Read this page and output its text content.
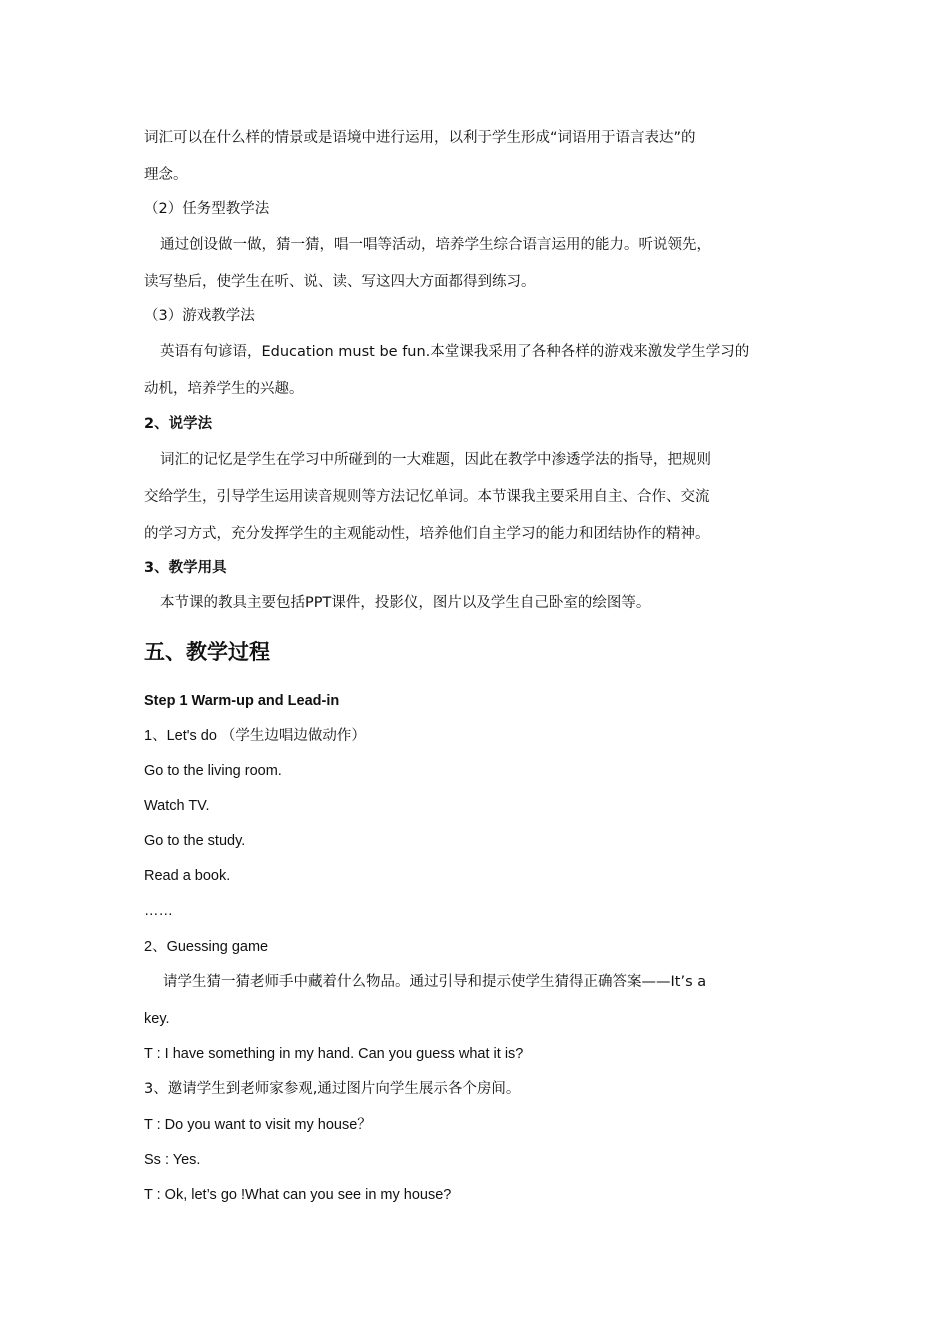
词汇可以在什么样的情景或是语境中进行运用，以利于学生形成“词语用于语言表达”的

理念。

（2）任务型教学法

通过创设做一做，猜一猜，唱一唱等活动，培养学生综合语言运用的能力。听说领先，

读写垫后，使学生在听、说、读、写这四大方面都得到练习。

（3）游戏教学法

英语有句谚语，Education must be fun.本堂课我采用了各种各样的游戏来激发学生学习的

动机，培养学生的兴趣。

2、说学法

词汇的记忆是学生在学习中所碰到的一大难题，因此在教学中渗透学法的指导，把规则

交给学生，引导学生运用读音规则等方法记忆单词。本节课我主要采用自主、合作、交流

的学习方式，充分发挥学生的主观能动性，培养他们自主学习的能力和团结协作的精神。

3、教学用具

本节课的教具主要包括PPT课件，投影仪，图片以及学生自己卧室的绘图等。

五、教学过程

Step 1 Warm-up and Lead-in

1、Let's do （学生边唱边做动作）

Go to the living room.

Watch TV.

Go to the study.

Read a book.

……

2、Guessing game

请学生猜一猜老师手中藏着什么物品。通过引导和提示使学生猜得正确答案——It’s a

key.

T : I have something in my hand. Can you guess what it is?

3、邀请学生到老师家参观,通过图片向学生展示各个房间。

T : Do you want to visit my house？

Ss : Yes.

T : Ok, let’s go !What can you see in my house?
